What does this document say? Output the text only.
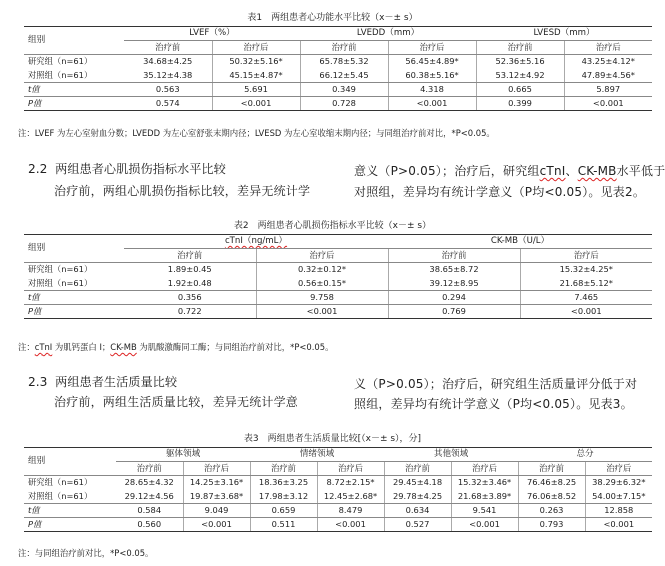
表1　两组患者心功能水平比较（x－± s）
组别	LVEF（%）		LVEDD（mm）		LVESD（mm）	
	治疗前	治疗后	治疗前	治疗后	治疗前	治疗后
研究组（n=61）	34.68±4.25	50.32±5.16*	65.78±5.32	56.45±4.89*	52.36±5.16	43.25±4.12*
对照组（n=61）	35.12±4.38	45.15±4.87*	66.12±5.45	60.38±5.16*	53.12±4.92	47.89±4.56*
t值	0.563	5.691	0.349	4.318	0.665	5.897
P值	0.574	<0.001	0.728	<0.001	0.399	<0.001
注：LVEF 为左心室射血分数；LVEDD 为左心室舒张末期内径；LVESD 为左心室收缩末期内径；与同组治疗前对比，*P<0.05。
2.2 两组患者心肌损伤指标水平比较
治疗前，两组心肌损伤指标比较，差异无统计学
意义（P>0.05）；治疗后，研究组cTnI、CK-MB水平低于
对照组，差异均有统计学意义（P均<0.05）。见表2。
表2　两组患者心肌损伤指标水平比较（x－± s）
组别	cTnI（ng/mL）		CK-MB（U/L）	
	治疗前	治疗后	治疗前	治疗后
研究组（n=61）	1.89±0.45	0.32±0.12*	38.65±8.72	15.32±4.25*
对照组（n=61）	1.92±0.48	0.56±0.15*	39.12±8.95	21.68±5.12*
t值	0.356	9.758	0.294	7.465
P值	0.722	<0.001	0.769	<0.001
注：cTnI 为肌钙蛋白 I；CK-MB 为肌酸激酶同工酶；与同组治疗前对比，*P<0.05。
2.3 两组患者生活质量比较
治疗前，两组生活质量比较，差异无统计学意
义（P>0.05）；治疗后，研究组生活质量评分低于对
照组，差异均有统计学意义（P均<0.05）。见表3。
表3　两组患者生活质量比较[（x－± s），分]
组别	躯体领域		情绪领域		其他领域		总分	
	治疗前	治疗后	治疗前	治疗后	治疗前	治疗后	治疗前	治疗后
研究组（n=61）	28.65±4.32	14.25±3.16*	18.36±3.25	8.72±2.15*	29.45±4.18	15.32±3.46*	76.46±8.25	38.29±6.32*
对照组（n=61）	29.12±4.56	19.87±3.68*	17.98±3.12	12.45±2.68*	29.78±4.25	21.68±3.89*	76.06±8.52	54.00±7.15*
t值	0.584	9.049	0.659	8.479	0.634	9.541	0.263	12.858
P值	0.560	<0.001	0.511	<0.001	0.527	<0.001	0.793	<0.001
注：与同组治疗前对比，*P<0.05。
